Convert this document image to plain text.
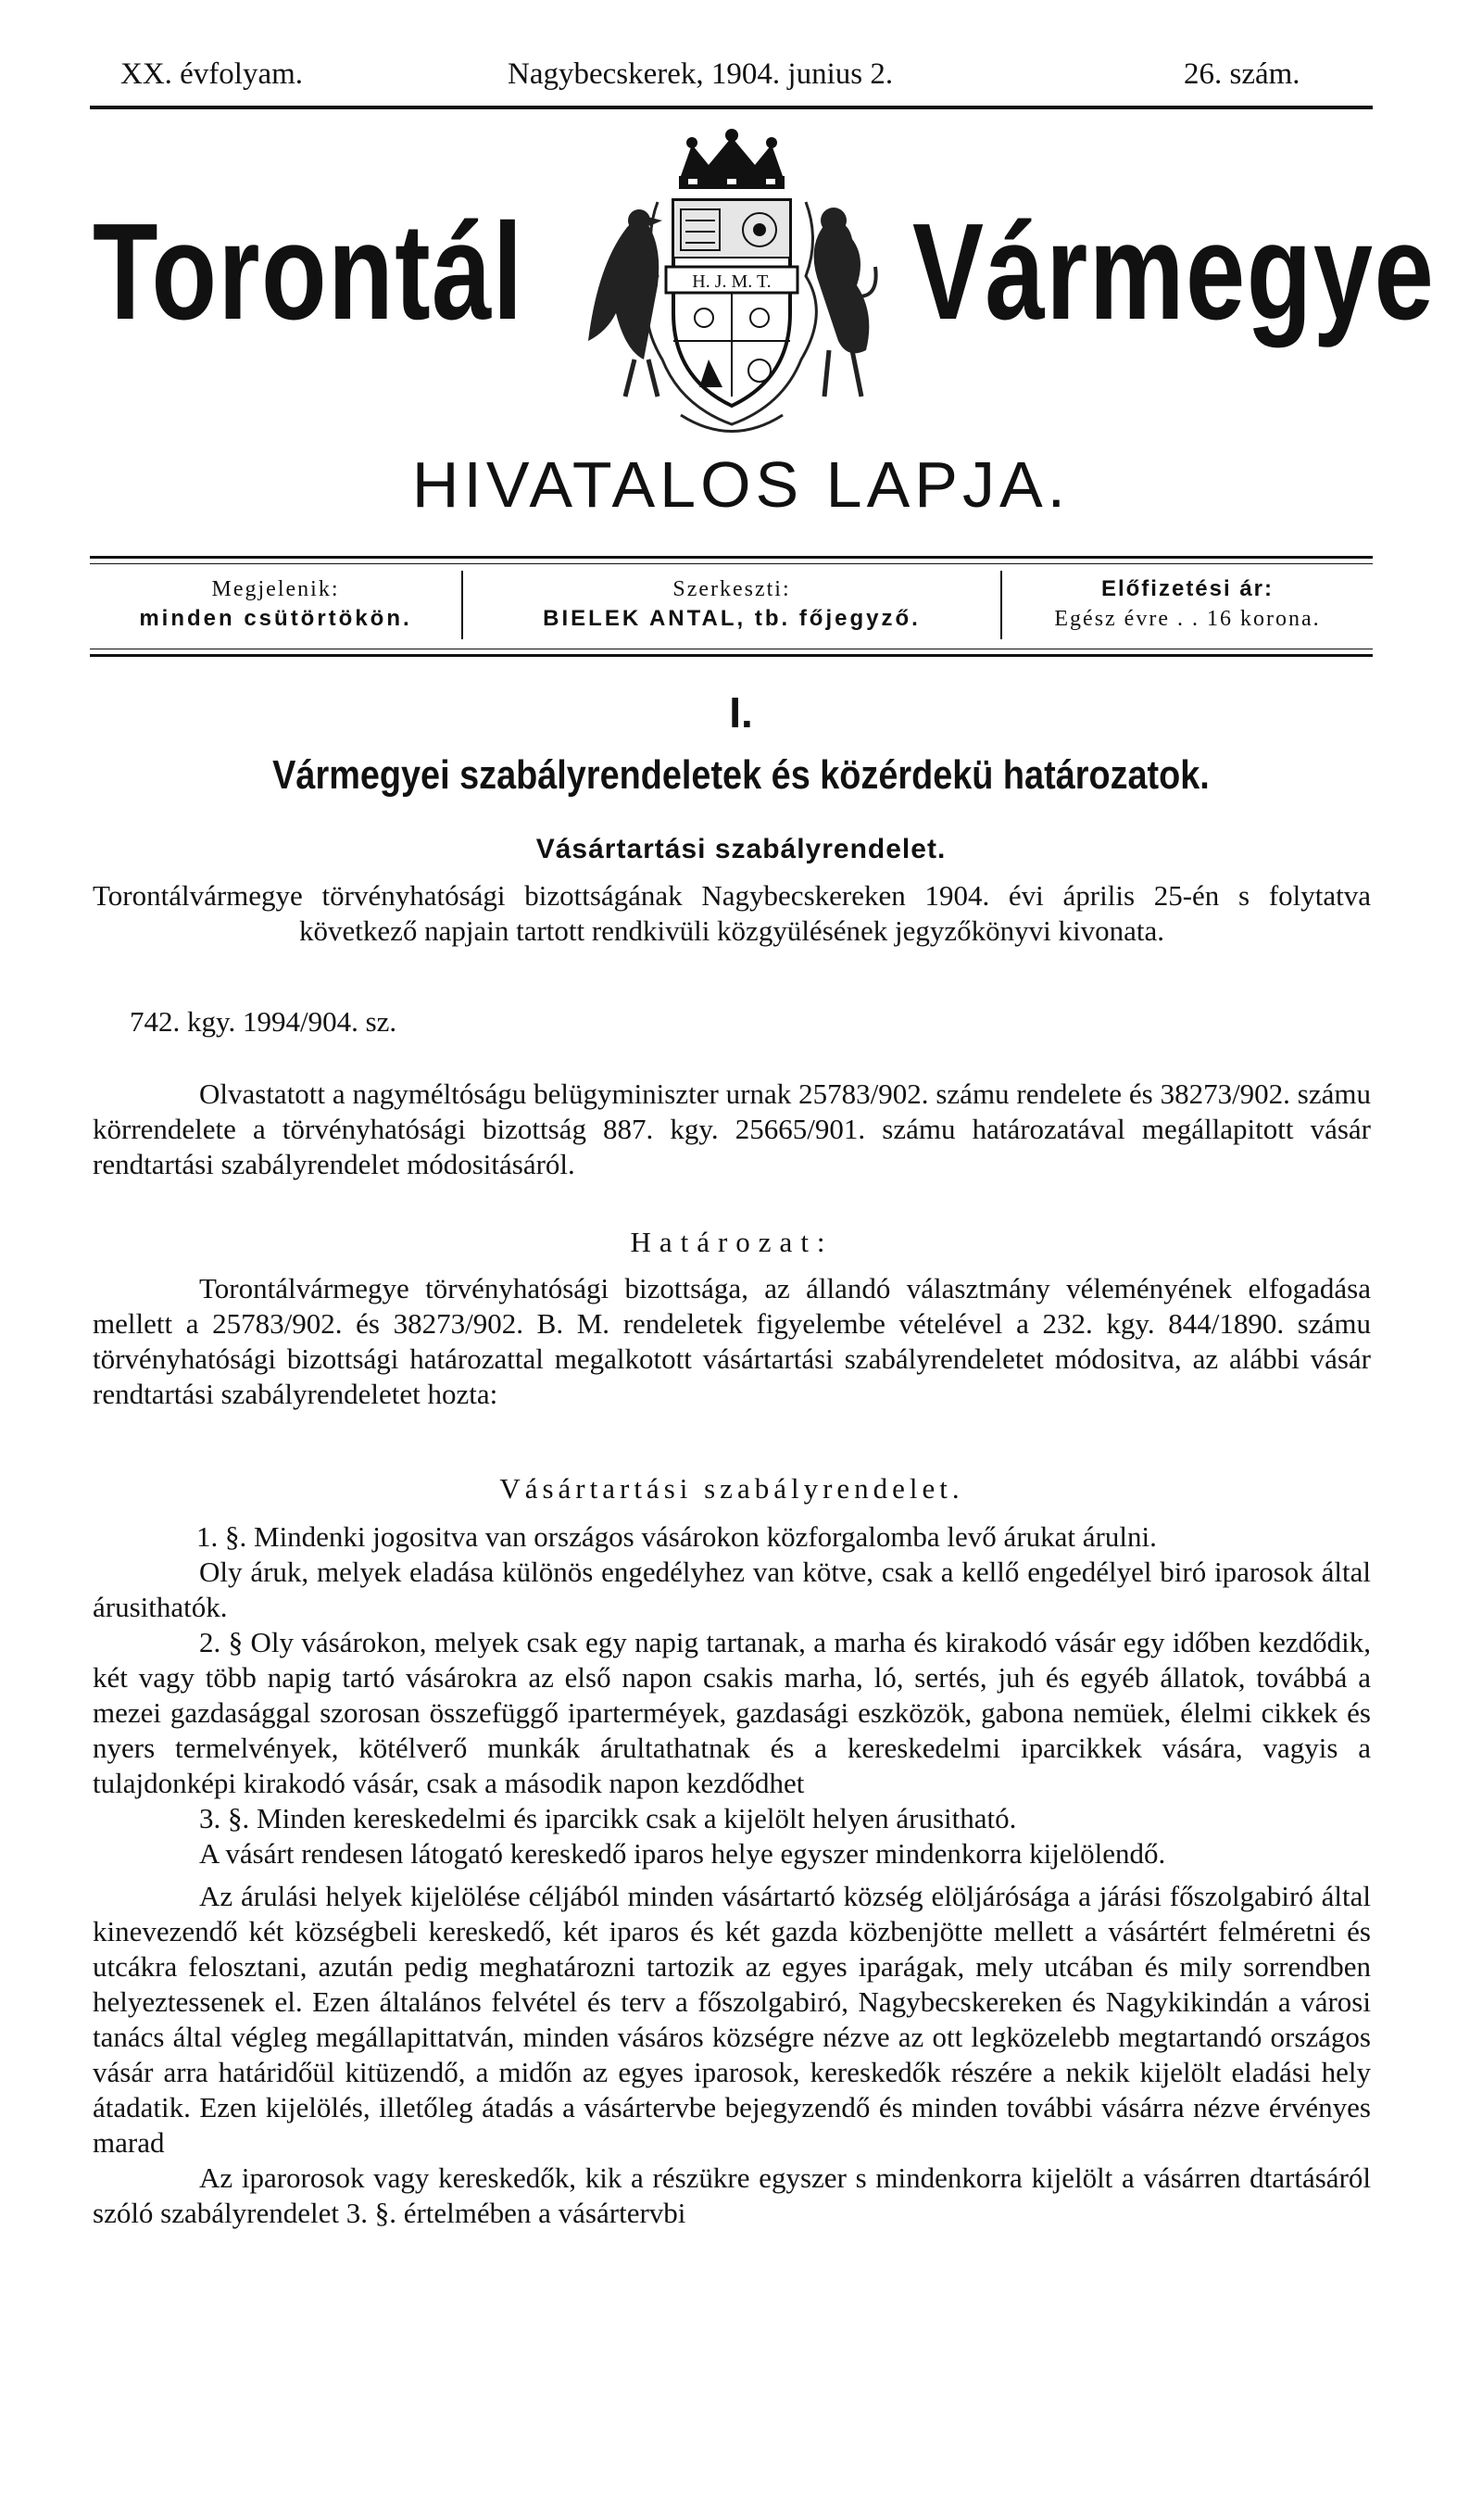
XX. évfolyam.	Nagybecskerek, 1904. junius 2.	26. szám.
Torontál	Vármegye
H. J. M. T.
HIVATALOS LAPJA.
Megjelenik:
minden csütörtökön.
Szerkeszti:
BIELEK ANTAL, tb. főjegyző.
Előfizetési ár:
Egész évre . . 16 korona.
I.
Vármegyei szabályrendeletek és közérdekü határozatok.
Vásártartási szabályrendelet.

Torontálvármegye törvényhatósági bizottságának Nagybecskereken 1904. évi április 25-én s folytatva következő napjain tartott rendkivüli közgyülésének jegyzőkönyvi kivonata.

742. kgy. 1994/904. sz.

Olvastatott a nagyméltóságu belügyminiszter urnak 25783/902. számu rendelete és 38273/902. számu körrendelete a törvényhatósági bizottság 887. kgy. 25665/901. számu határozatával megállapitott vásár rendtartási szabályrendelet módositásáról.

Határozat:

Torontálvármegye törvényhatósági bizottsága, az állandó választmány véleményének elfogadása mellett a 25783/902. és 38273/902. B. M. rendeletek figyelembe vételével a 232. kgy. 844/1890. számu törvényhatósági bizottsági határozattal megalkotott vásártartási szabályrendeletet módositva, az alábbi vásár rendtartási szabályrendeletet hozta:

Vásártartási szabályrendelet.

1. §. Mindenki jogositva van országos vásárokon közforgalomba levő árukat árulni.

Oly áruk, melyek eladása különös engedélyhez van kötve, csak a kellő engedélyel biró iparosok által árusithatók.

2. § Oly vásárokon, melyek csak egy napig tartanak, a marha és kirakodó vásár egy időben kezdődik, két vagy több napig tartó vásárokra az első napon csakis marha, ló, sertés, juh és egyéb állatok, továbbá a mezei gazdasággal szorosan összefüggő iparterméyek, gazdasági eszközök, gabona nemüek, élelmi cikkek és nyers termelvények, kötélverő munkák árultathatnak és a kereskedelmi iparcikkek vására, vagyis a tulajdonképi kirakodó vásár, csak a második napon kezdődhet

3. §. Minden kereskedelmi és iparcikk csak a kijelölt helyen árusitható.

A vásárt rendesen látogató kereskedő iparos helye egyszer mindenkorra kijelölendő.

Az árulási helyek kijelölése céljából minden vásártartó község elöljárósága a járási főszolgabiró által kinevezendő két községbeli kereskedő, két iparos és két gazda közbenjötte mellett a vásártért felméretni és utcákra felosztani, azután pedig meghatározni tartozik az egyes iparágak, mely utcában és mily sorrendben helyeztessenek el. Ezen általános felvétel és terv a főszolgabiró, Nagybecskereken és Nagykikindán a városi tanács által végleg megállapittatván, minden vásáros községre nézve az ott legközelebb megtartandó országos vásár arra határidőül kitüzendő, a midőn az egyes iparosok, kereskedők részére a nekik kijelölt eladási hely átadatik. Ezen kijelölés, illetőleg átadás a vásártervbe bejegyzendő és minden további vásárra nézve érvényes marad

Az iparorosok vagy kereskedők, kik a részükre egyszer s mindenkorra kijelölt a vásárren dtartásáról szóló szabályrendelet 3. §. értelmében a vásártervbi
